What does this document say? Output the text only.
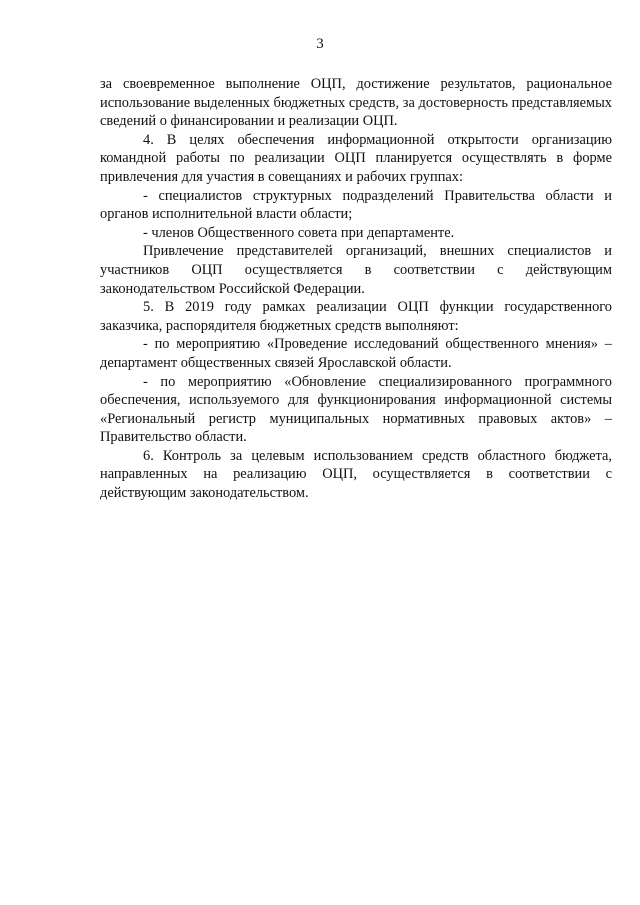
3

за своевременное выполнение ОЦП, достижение результатов, рациональное использование выделенных бюджетных средств, за достоверность представляемых сведений о финансировании и реализации ОЦП.

4. В целях обеспечения информационной открытости организацию командной работы по реализации ОЦП планируется осуществлять в форме привлечения для участия в совещаниях и рабочих группах:

- специалистов структурных подразделений Правительства области и органов исполнительной власти области;

- членов Общественного совета при департаменте.

Привлечение представителей организаций, внешних специалистов и участников ОЦП осуществляется в соответствии с действующим законодательством Российской Федерации.

5. В 2019 году рамках реализации ОЦП функции государственного заказчика, распорядителя бюджетных средств выполняют:

- по мероприятию «Проведение исследований общественного мнения» – департамент общественных связей Ярославской области.

- по мероприятию «Обновление специализированного программного обеспечения, используемого для функционирования информационной системы «Региональный регистр муниципальных нормативных правовых актов» – Правительство области.

6. Контроль за целевым использованием средств областного бюджета, направленных на реализацию ОЦП, осуществляется в соответствии с действующим законодательством.
